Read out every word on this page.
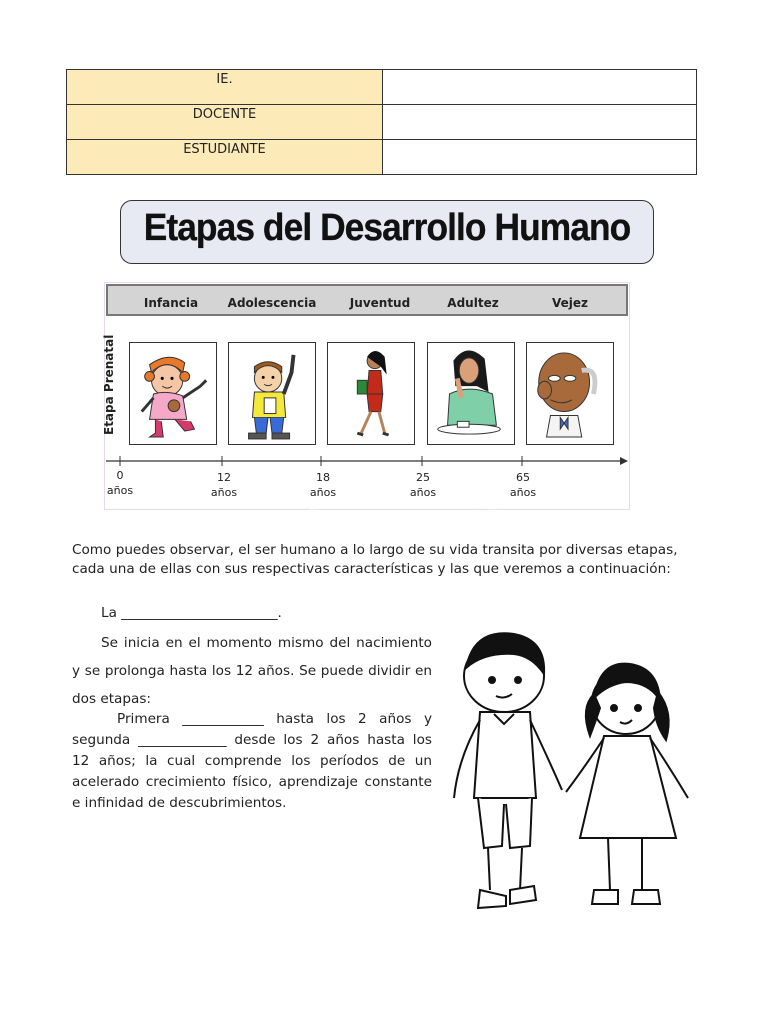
IE.	
DOCENTE	
ESTUDIANTE	
Etapas del Desarrollo Humano
Infancia Adolescencia	Juventud	Adultez	Vejez
Etapa Prenatal
0
años
12
años
18
años
25
años
65
años
Como puedes observar, el ser humano a lo largo de su vida transita por diversas etapas, cada una de ellas con sus respectivas características y las que veremos a continuación:
La _______________________.
Se inicia en el momento mismo del nacimiento
y se prolonga hasta los 12 años. Se puede dividir en
dos etapas:
Primera ____________ hasta los 2 años y
segunda _____________ desde los 2 años hasta los
12 años; la cual comprende los períodos de un
acelerado crecimiento físico, aprendizaje constante
e infinidad de descubrimientos.
